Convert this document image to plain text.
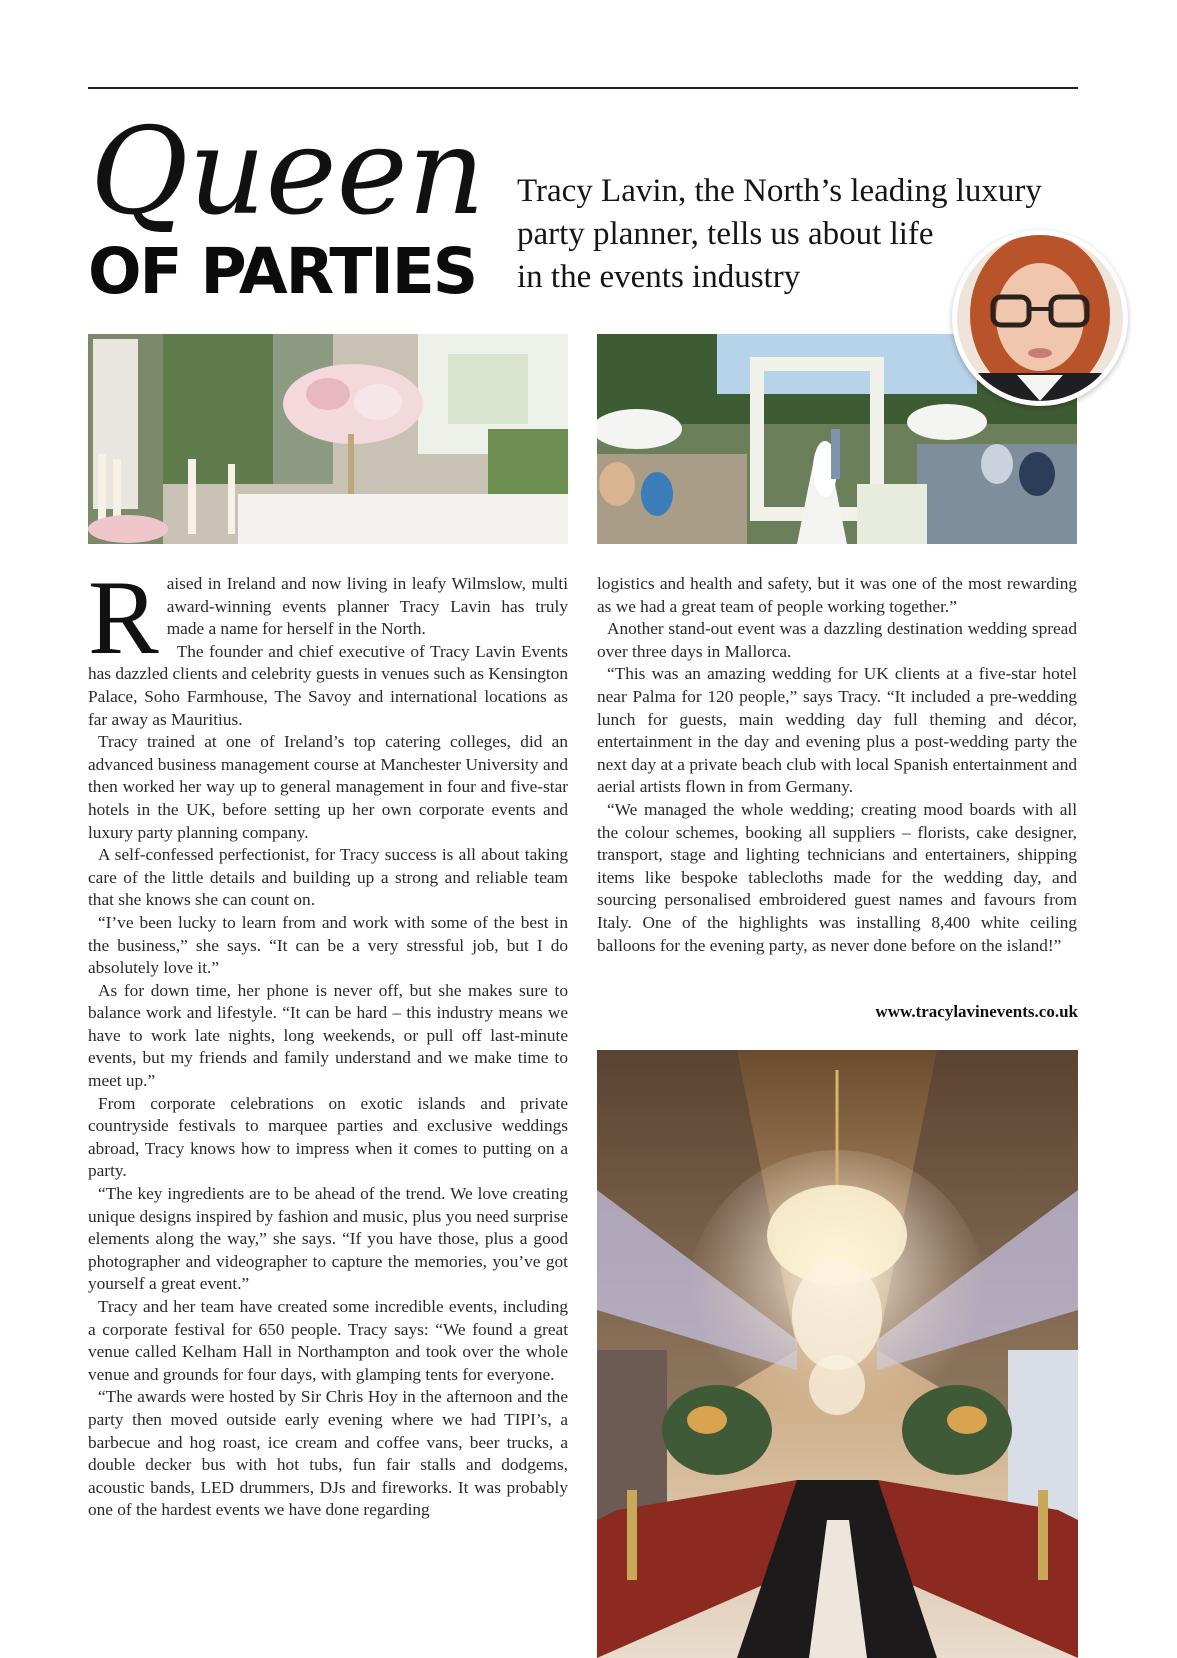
Queen
OF PARTIES
Tracy Lavin, the North’s leading luxury
party planner, tells us about life
in the events industry

Raised in Ireland and now living in leafy Wilmslow, multi award-winning events planner Tracy Lavin has truly made a name for herself in the North.

The founder and chief executive of Tracy Lavin Events has dazzled clients and celebrity guests in venues such as Kensington Palace, Soho Farmhouse, The Savoy and international locations as far away as Mauritius.

Tracy trained at one of Ireland’s top catering colleges, did an advanced business management course at Manchester University and then worked her way up to general management in four and five-star hotels in the UK, before setting up her own corporate events and luxury party planning company.

A self-confessed perfectionist, for Tracy success is all about taking care of the little details and building up a strong and reliable team that she knows she can count on.

“I’ve been lucky to learn from and work with some of the best in the business,” she says. “It can be a very stressful job, but I do absolutely love it.”

As for down time, her phone is never off, but she makes sure to balance work and lifestyle. “It can be hard – this industry means we have to work late nights, long weekends, or pull off last-minute events, but my friends and family understand and we make time to meet up.”

From corporate celebrations on exotic islands and private countryside festivals to marquee parties and exclusive weddings abroad, Tracy knows how to impress when it comes to putting on a party.

“The key ingredients are to be ahead of the trend. We love creating unique designs inspired by fashion and music, plus you need surprise elements along the way,” she says. “If you have those, plus a good photographer and videographer to capture the memories, you’ve got yourself a great event.”

Tracy and her team have created some incredible events, including a corporate festival for 650 people. Tracy says: “We found a great venue called Kelham Hall in Northampton and took over the whole venue and grounds for four days, with glamping tents for everyone.

“The awards were hosted by Sir Chris Hoy in the afternoon and the party then moved outside early evening where we had TIPI’s, a barbecue and hog roast, ice cream and coffee vans, beer trucks, a double decker bus with hot tubs, fun fair stalls and dodgems, acoustic bands, LED drummers, DJs and fireworks. It was probably one of the hardest events we have done regarding

logistics and health and safety, but it was one of the most rewarding as we had a great team of people working together.”

Another stand-out event was a dazzling destination wedding spread over three days in Mallorca.

“This was an amazing wedding for UK clients at a five-star hotel near Palma for 120 people,” says Tracy. “It included a pre-wedding lunch for guests, main wedding day full theming and décor, entertainment in the day and evening plus a post-wedding party the next day at a private beach club with local Spanish entertainment and aerial artists flown in from Germany.

“We managed the whole wedding; creating mood boards with all the colour schemes, booking all suppliers – florists, cake designer, transport, stage and lighting technicians and entertainers, shipping items like bespoke tablecloths made for the wedding day, and sourcing personalised embroidered guest names and favours from Italy. One of the highlights was installing 8,400 white ceiling balloons for the evening party, as never done before on the island!”

www.tracylavinevents.co.uk
